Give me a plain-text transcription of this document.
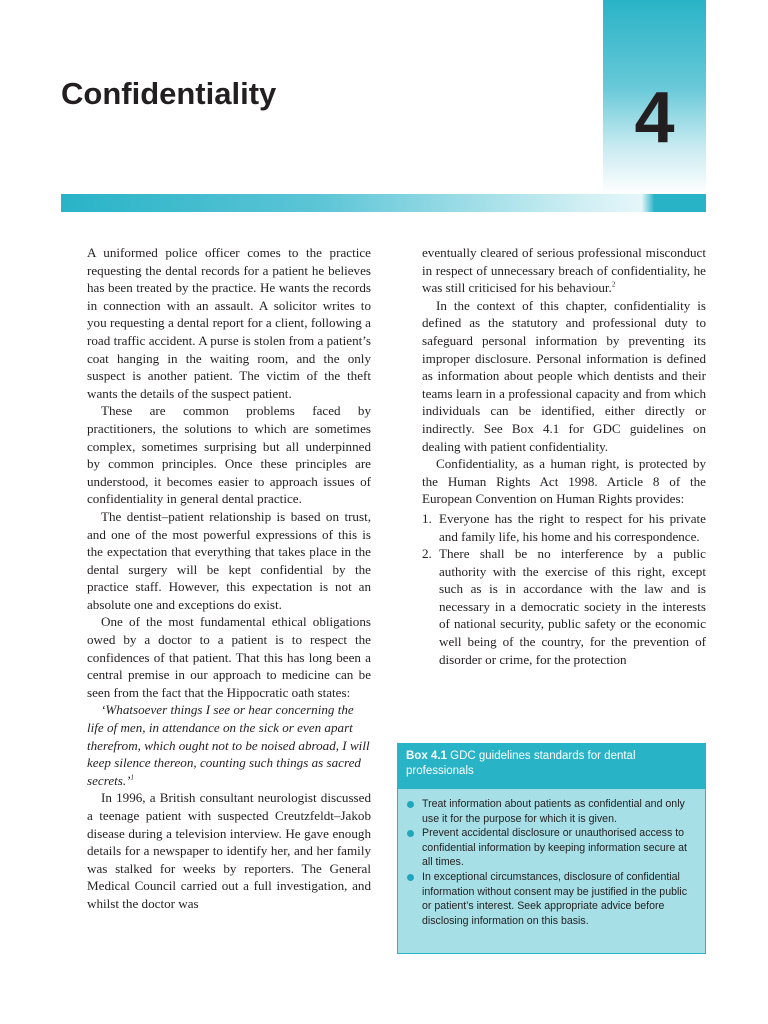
4
Confidentiality

A uniformed police officer comes to the practice requesting the dental records for a patient he believes has been treated by the practice. He wants the records in connection with an assault. A solicitor writes to you requesting a dental report for a client, following a road traffic accident. A purse is stolen from a patient’s coat hanging in the waiting room, and the only suspect is another patient. The victim of the theft wants the details of the suspect patient.

These are common problems faced by practitioners, the solutions to which are sometimes complex, sometimes surprising but all underpinned by common principles. Once these principles are understood, it becomes easier to approach issues of confidentiality in general dental practice.

The dentist–patient relationship is based on trust, and one of the most powerful expressions of this is the expectation that everything that takes place in the dental surgery will be kept confidential by the practice staff. However, this expectation is not an absolute one and exceptions do exist.

One of the most fundamental ethical obligations owed by a doctor to a patient is to respect the confidences of that patient. That this has long been a central premise in our approach to medicine can be seen from the fact that the Hippocratic oath states:

‘Whatsoever things I see or hear concerning the life of men, in attendance on the sick or even apart therefrom, which ought not to be noised abroad, I will keep silence thereon, counting such things as sacred secrets.’$^1$

In 1996, a British consultant neurologist discussed a teenage patient with suspected Creutzfeldt–Jakob disease during a television interview. He gave enough details for a newspaper to identify her, and her family was stalked for weeks by reporters. The General Medical Council carried out a full investigation, and whilst the doctor was

eventually cleared of serious professional misconduct in respect of unnecessary breach of confidentiality, he was still criticised for his behaviour.$^2$

In the context of this chapter, confidentiality is defined as the statutory and professional duty to safeguard personal information by preventing its improper disclosure. Personal information is defined as information about people which dentists and their teams learn in a professional capacity and from which individuals can be identified, either directly or indirectly. See Box 4.1 for GDC guidelines on dealing with patient confidentiality.

Confidentiality, as a human right, is protected by the Human Rights Act 1998. Article 8 of the European Convention on Human Rights provides:

1. Everyone has the right to respect for his private and family life, his home and his correspondence.
2. There shall be no interference by a public authority with the exercise of this right, except such as is in accordance with the law and is necessary in a democratic society in the interests of national security, public safety or the economic well being of the country, for the prevention of disorder or crime, for the protection
Box 4.1 GDC guidelines standards for dental professionals
Treat information about patients as confidential and only use it for the purpose for which it is given.
Prevent accidental disclosure or unauthorised access to confidential information by keeping information secure at all times.
In exceptional circumstances, disclosure of confidential information without consent may be justified in the public or patient’s interest. Seek appropriate advice before disclosing information on this basis.
